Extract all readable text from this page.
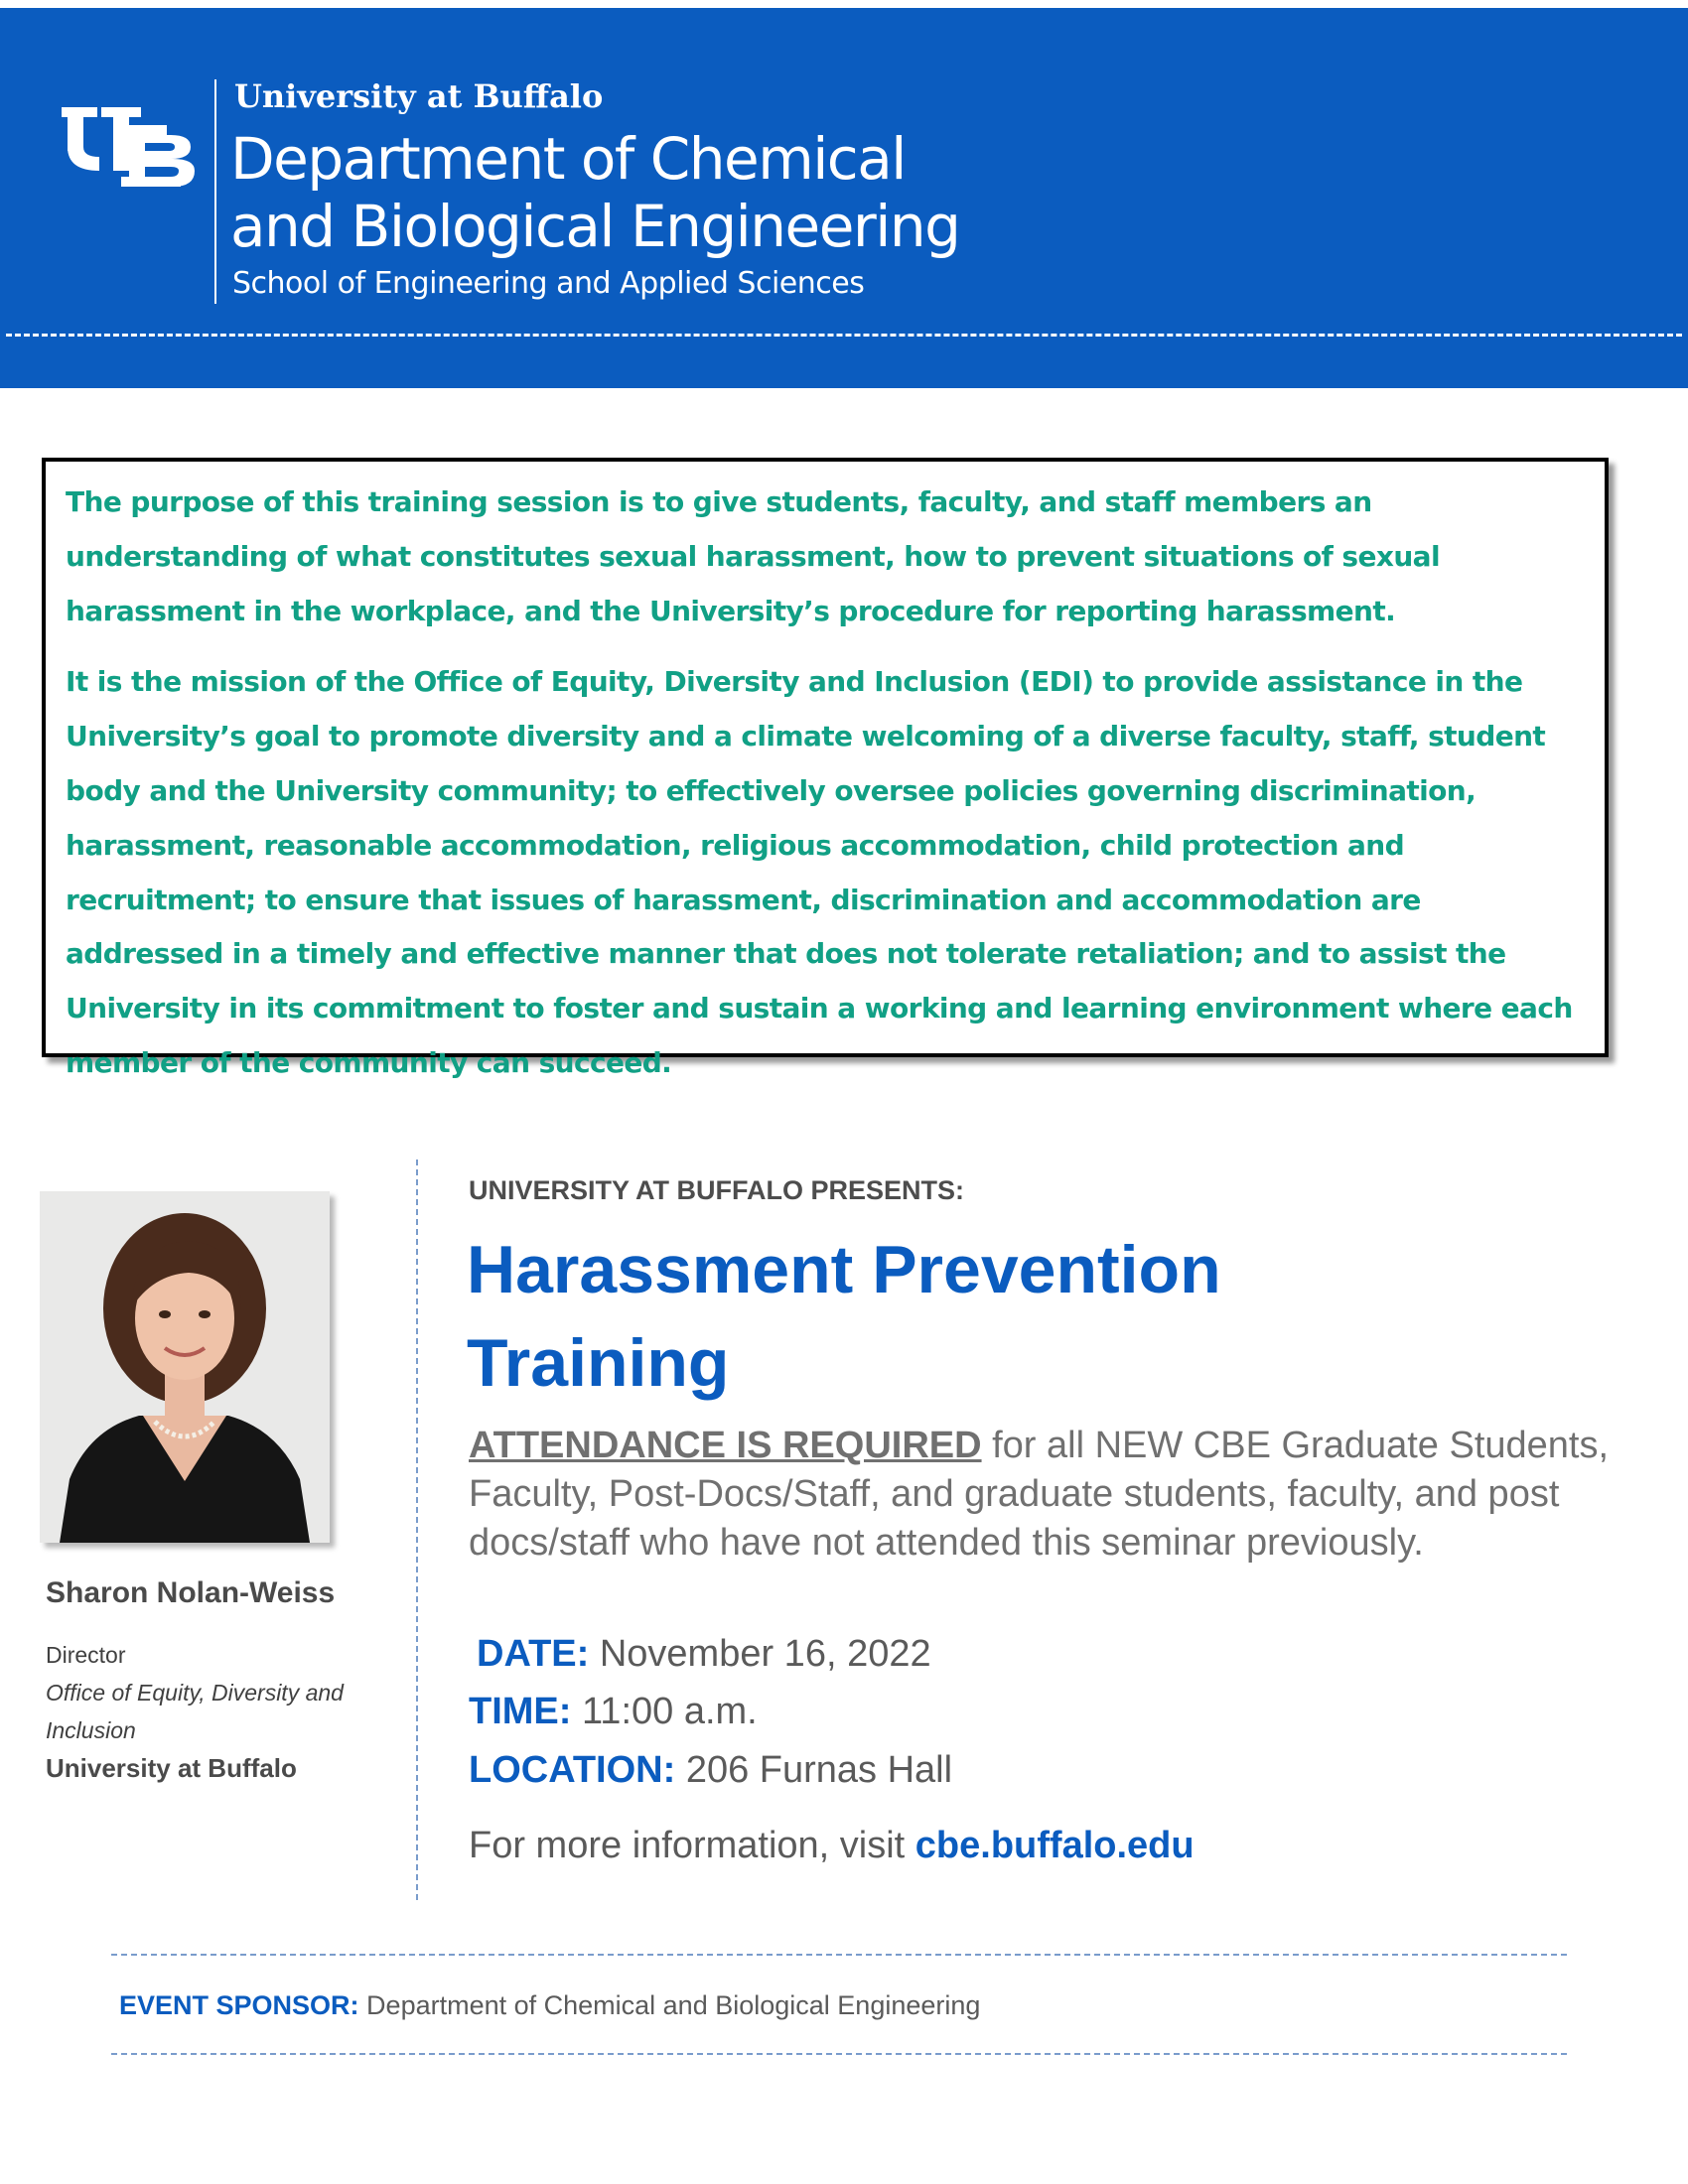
University at Buffalo
Department of Chemical
and Biological Engineering
School of Engineering and Applied Sciences

The purpose of this training session is to give students, faculty, and staff members an understanding of what constitutes sexual harassment, how to prevent situations of sexual harassment in the workplace, and the University’s procedure for reporting harassment.

It is the mission of the Office of Equity, Diversity and Inclusion (EDI) to provide assistance in the University’s goal to promote diversity and a climate welcoming of a diverse faculty, staff, student body and the University community; to effectively oversee policies governing discrimination, harassment, reasonable accommodation, religious accommodation, child protection and recruitment; to ensure that issues of harassment, discrimination and accommodation are addressed in a timely and effective manner that does not tolerate retaliation; and to assist the University in its commitment to foster and sustain a working and learning environment where each member of the community can succeed.

Sharon Nolan-Weiss
Director
Office of Equity, Diversity and Inclusion
University at Buffalo
UNIVERSITY AT BUFFALO PRESENTS:
Harassment Prevention
Training
ATTENDANCE IS REQUIRED for all NEW CBE Graduate Students, Faculty, Post-Docs/Staff, and graduate students, faculty, and post docs/staff who have not attended this seminar previously.
DATE: November 16, 2022
TIME: 11:00 a.m.
LOCATION: 206 Furnas Hall
For more information, visit cbe.buffalo.edu
EVENT SPONSOR: Department of Chemical and Biological Engineering
